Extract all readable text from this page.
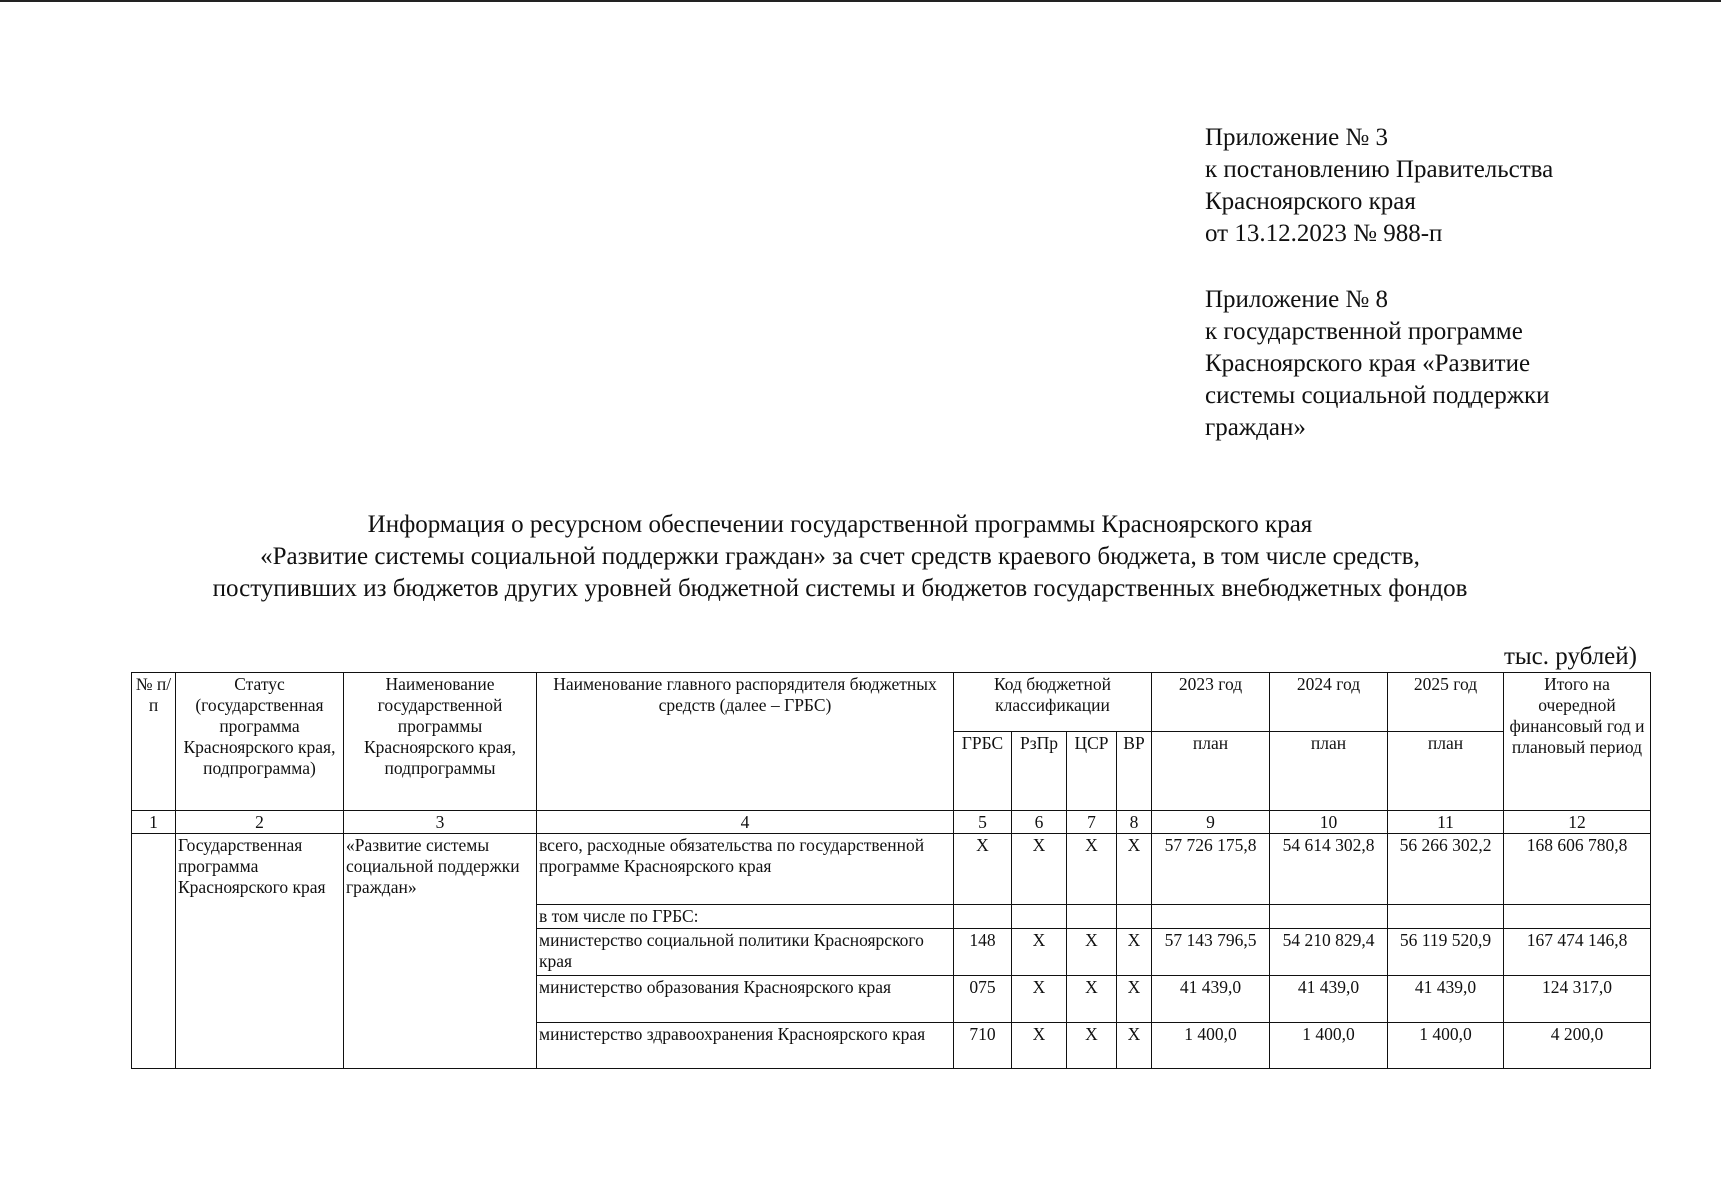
Приложение № 3
к постановлению Правительства
Красноярского края
от 13.12.2023 № 988-п
Приложение № 8
к государственной программе
Красноярского края «Развитие
системы социальной поддержки
граждан»
Информация о ресурсном обеспечении государственной программы Красноярского края
«Развитие системы социальной поддержки граждан» за счет средств краевого бюджета, в том числе средств,
поступивших из бюджетов других уровней бюджетной системы и бюджетов государственных внебюджетных фондов
тыс. рублей)
№ п/п	Статус (государственная программа Красноярского края, подпрограмма)	Наименование государственной программы Красноярского края, подпрограммы	Наименование главного распорядителя бюджетных средств (далее – ГРБС)	Код бюджетной классификации				2023 год	2024 год	2025 год	Итого на очередной финансовый год и плановый период
				ГРБС	РзПр	ЦСР	ВР	план	план	план	
1	2	3	4	5	6	7	8	9	10	11	12
	Государственная программа Красноярского края	«Развитие системы социальной поддержки граждан»	всего, расходные обязательства по государственной программе Красноярского края	Х	Х	Х	Х	57 726 175,8	54 614 302,8	56 266 302,2	168 606 780,8
			в том числе по ГРБС:								
			министерство социальной политики Красноярского края	148	Х	Х	Х	57 143 796,5	54 210 829,4	56 119 520,9	167 474 146,8
			министерство образования Красноярского края	075	Х	Х	Х	41 439,0	41 439,0	41 439,0	124 317,0
			министерство здравоохранения Красноярского края	710	Х	Х	Х	1 400,0	1 400,0	1 400,0	4 200,0
